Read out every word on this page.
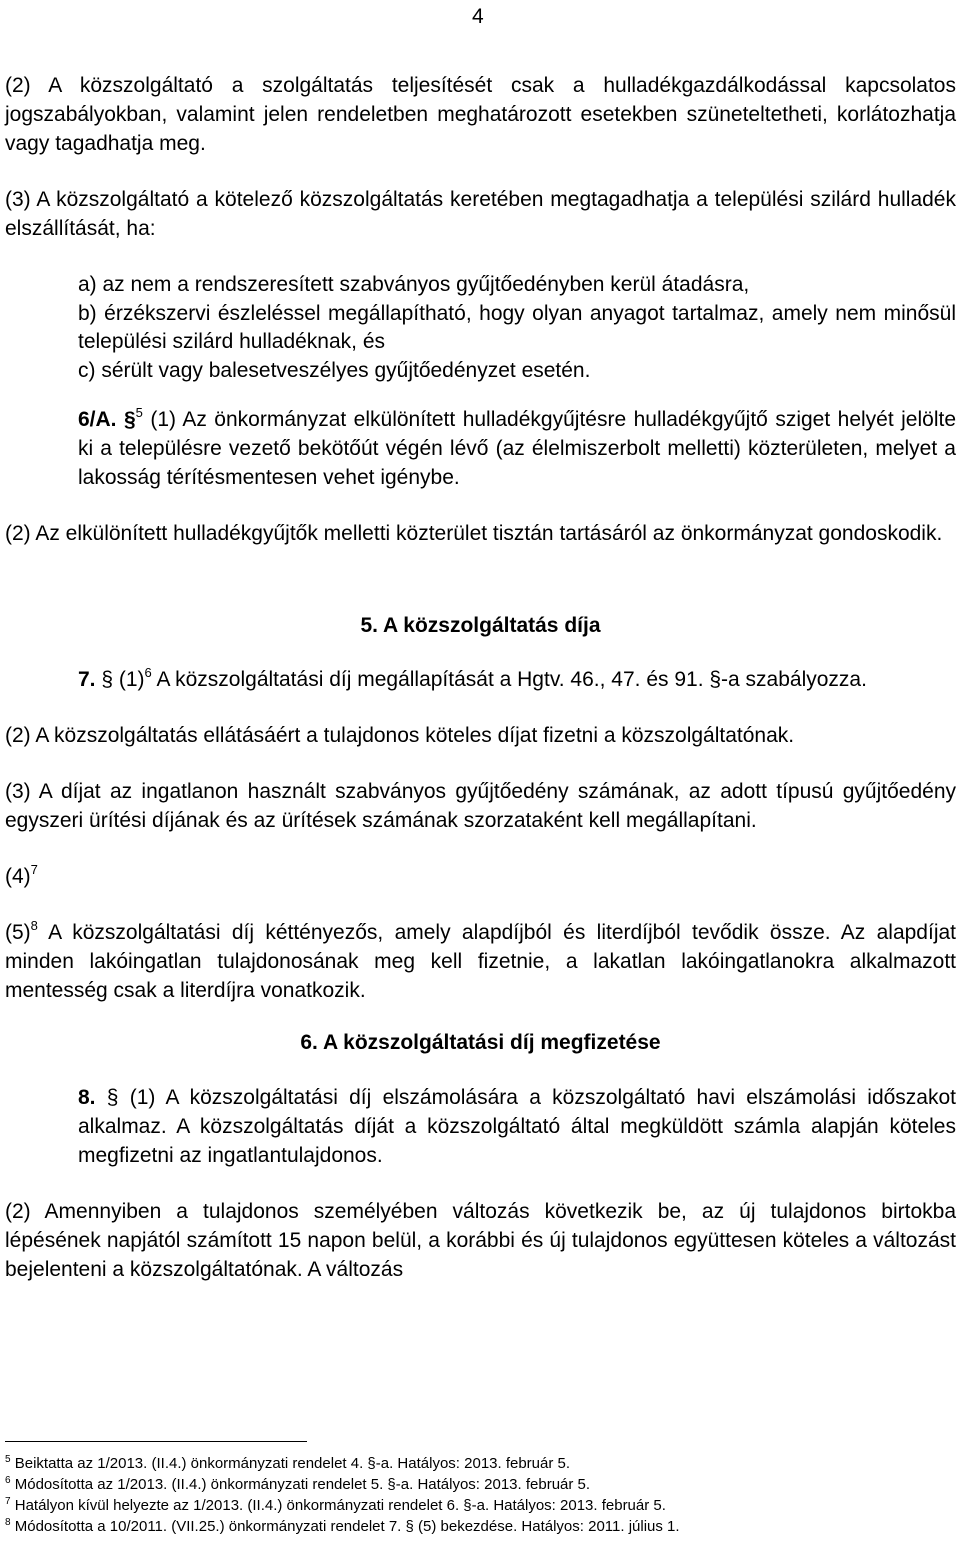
4

(2) A közszolgáltató a szolgáltatás teljesítését csak a hulladékgazdálkodással kapcsolatos jogszabályokban, valamint jelen rendeletben meghatározott esetekben szüneteltetheti, korlátozhatja vagy tagadhatja meg.

(3) A közszolgáltató a kötelező közszolgáltatás keretében megtagadhatja a települési szilárd hulladék elszállítását, ha:

a) az nem a rendszeresített szabványos gyűjtőedényben kerül átadásra,

b) érzékszervi észleléssel megállapítható, hogy olyan anyagot tartalmaz, amely nem minősül települési szilárd hulladéknak, és

c) sérült vagy balesetveszélyes gyűjtőedényzet esetén.

6/A. §$^5$ (1) Az önkormányzat elkülönített hulladékgyűjtésre hulladékgyűjtő sziget helyét jelölte ki a településre vezető bekötőút végén lévő (az élelmiszerbolt melletti) közterületen, melyet a lakosság térítésmentesen vehet igénybe.

(2) Az elkülönített hulladékgyűjtők melletti közterület tisztán tartásáról az önkormányzat gondoskodik.

5. A közszolgáltatás díja

7. § $(1)^6$ A közszolgáltatási díj megállapítását a Hgtv. 46., 47. és 91. §-a szabályozza.

(2) A közszolgáltatás ellátásáért a tulajdonos köteles díjat fizetni a közszolgáltatónak.

(3) A díjat az ingatlanon használt szabványos gyűjtőedény számának, az adott típusú gyűjtőedény egyszeri ürítési díjának és az ürítések számának szorzataként kell megállapítani.

$(4)^7$

$(5)^8$ A közszolgáltatási díj kéttényezős, amely alapdíjból és literdíjból tevődik össze. Az alapdíjat minden lakóingatlan tulajdonosának meg kell fizetnie, a lakatlan lakóingatlanokra alkalmazott mentesség csak a literdíjra vonatkozik.

6. A közszolgáltatási díj megfizetése

8. § (1) A közszolgáltatási díj elszámolására a közszolgáltató havi elszámolási időszakot alkalmaz. A közszolgáltatás díját a közszolgáltató által megküldött számla alapján köteles megfizetni az ingatlantulajdonos.

(2) Amennyiben a tulajdonos személyében változás következik be, az új tulajdonos birtokba lépésének napjától számított 15 napon belül, a korábbi és új tulajdonos együttesen köteles a változást bejelenteni a közszolgáltatónak. A változás

$^5$ Beiktatta az 1/2013. (II.4.) önkormányzati rendelet 4. §-a. Hatályos: 2013. február 5.

$^6$ Módosította az 1/2013. (II.4.) önkormányzati rendelet 5. §-a. Hatályos: 2013. február 5.

$^7$ Hatályon kívül helyezte az 1/2013. (II.4.) önkormányzati rendelet 6. §-a. Hatályos: 2013. február 5.

$^8$ Módosította a 10/2011. (VII.25.) önkormányzati rendelet 7. § (5) bekezdése. Hatályos: 2011. július 1.
